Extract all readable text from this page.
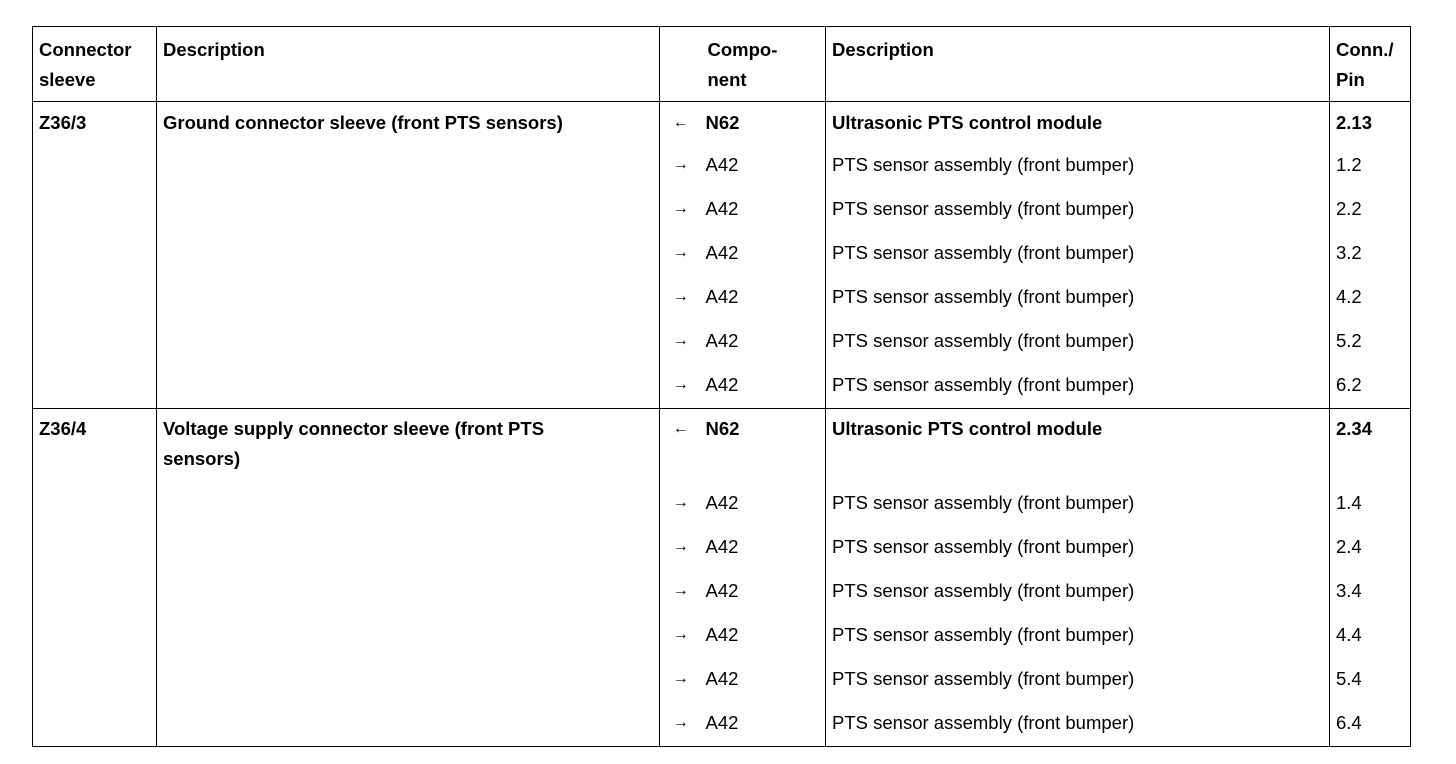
Connector sleeve	Description		Compo- nent	Description	Conn./ Pin
Z36/3	Ground connector sleeve (front PTS sensors)	←	N62	Ultrasonic PTS control module	2.13
		→	A42	PTS sensor assembly (front bumper)	1.2
		→	A42	PTS sensor assembly (front bumper)	2.2
		→	A42	PTS sensor assembly (front bumper)	3.2
		→	A42	PTS sensor assembly (front bumper)	4.2
		→	A42	PTS sensor assembly (front bumper)	5.2
		→	A42	PTS sensor assembly (front bumper)	6.2
Z36/4	Voltage supply connector sleeve (front PTS sensors)	←	N62	Ultrasonic PTS control module	2.34
		→	A42	PTS sensor assembly (front bumper)	1.4
		→	A42	PTS sensor assembly (front bumper)	2.4
		→	A42	PTS sensor assembly (front bumper)	3.4
		→	A42	PTS sensor assembly (front bumper)	4.4
		→	A42	PTS sensor assembly (front bumper)	5.4
		→	A42	PTS sensor assembly (front bumper)	6.4
